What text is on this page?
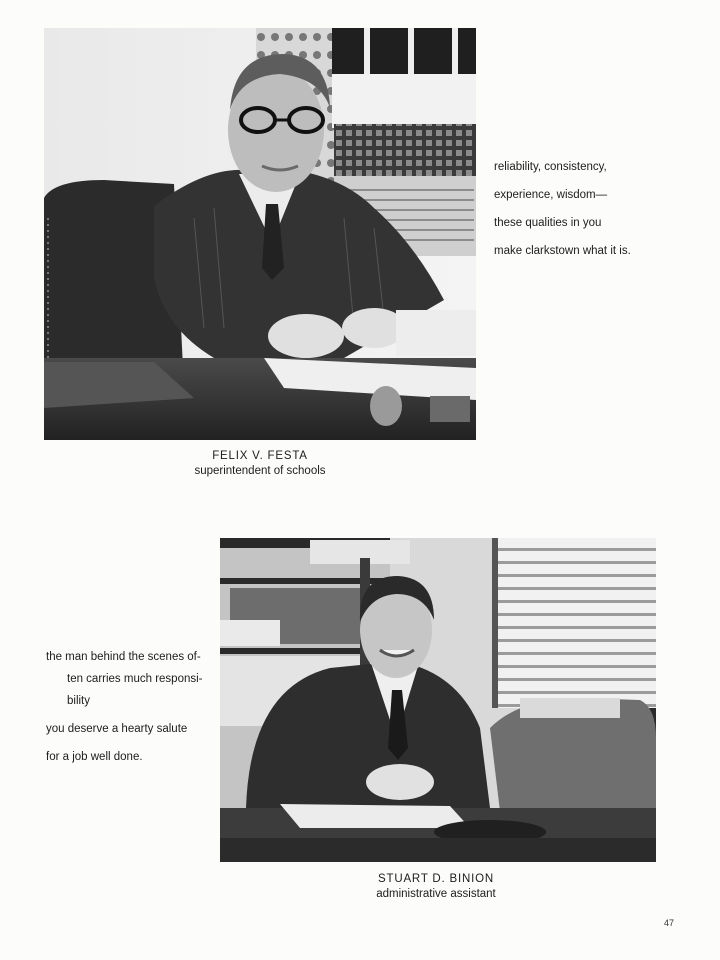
FELIX V. FESTA
superintendent of schools
reliability, consistency,
experience, wisdom—
these qualities in you
make clarkstown what it is.
the man behind the scenes of-
ten carries much responsi-
bility
you deserve a hearty salute
for a job well done.
STUART D. BINION
administrative assistant
47
